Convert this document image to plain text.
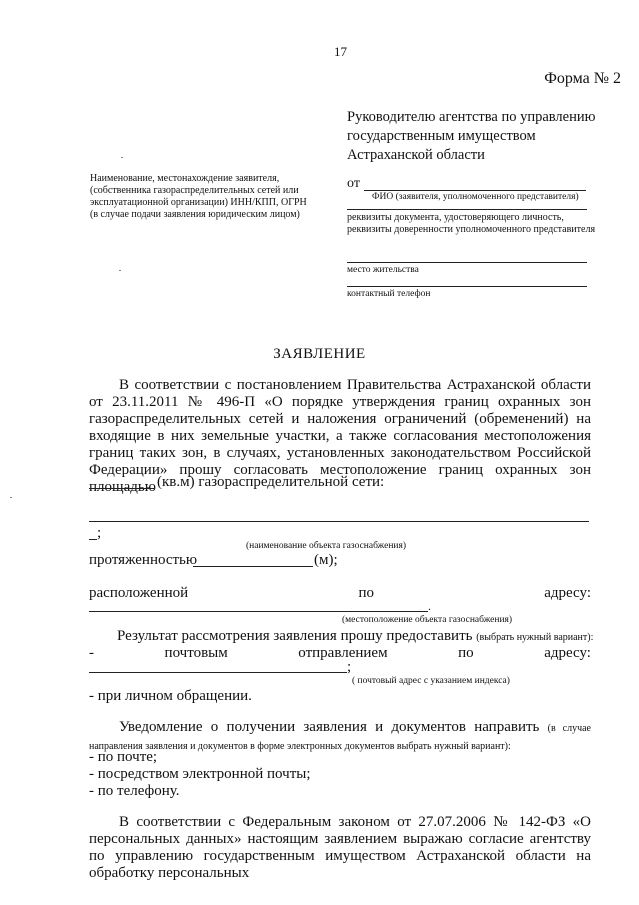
17
Форма № 2
Руководителю агентства по управлению
государственным имуществом
Астраханской области
Наименование, местонахождение заявителя, (собственника газораспределительных сетей или эксплуатационной организации) ИНН/КПП, ОГРН (в случае подачи заявления юридическим лицом)
от
ФИО (заявителя, уполномоченного представителя)
реквизиты документа, удостоверяющего личность, реквизиты доверенности уполномоченного представителя
место жительства
контактный телефон
ЗАЯВЛЕНИЕ
В соответствии с постановлением Правительства Астраханской области от 23.11.2011 № 496-П «О порядке утверждения границ охранных зон газораспределительных сетей и наложения ограничений (обременений) на входящие в них земельные участки, а также согласования местоположения границ таких зон, в случаях, установленных законодательством Российской Федерации» прошу согласовать местоположение границ охранных зон площадью (кв.м) газораспределительной сети:
;
(наименование объекта газоснабжения)
протяженностью	(м);
расположенной	по	адресу:
.
(местоположение объекта газоснабжения)
Результат рассмотрения заявления прошу предоставить (выбрать нужный вариант):
-	почтовым	отправлением	по	адресу:
;
( почтовый адрес с указанием индекса)
- при личном обращении.
Уведомление о получении заявления и документов направить (в случае направления заявления и документов в форме электронных документов выбрать нужный вариант):
- по почте;
- посредством электронной почты;
- по телефону.
В соответствии с Федеральным законом от 27.07.2006 № 142-ФЗ «О персональных данных» настоящим заявлением выражаю согласие агентству по управлению государственным имуществом Астраханской области на обработку персональных
